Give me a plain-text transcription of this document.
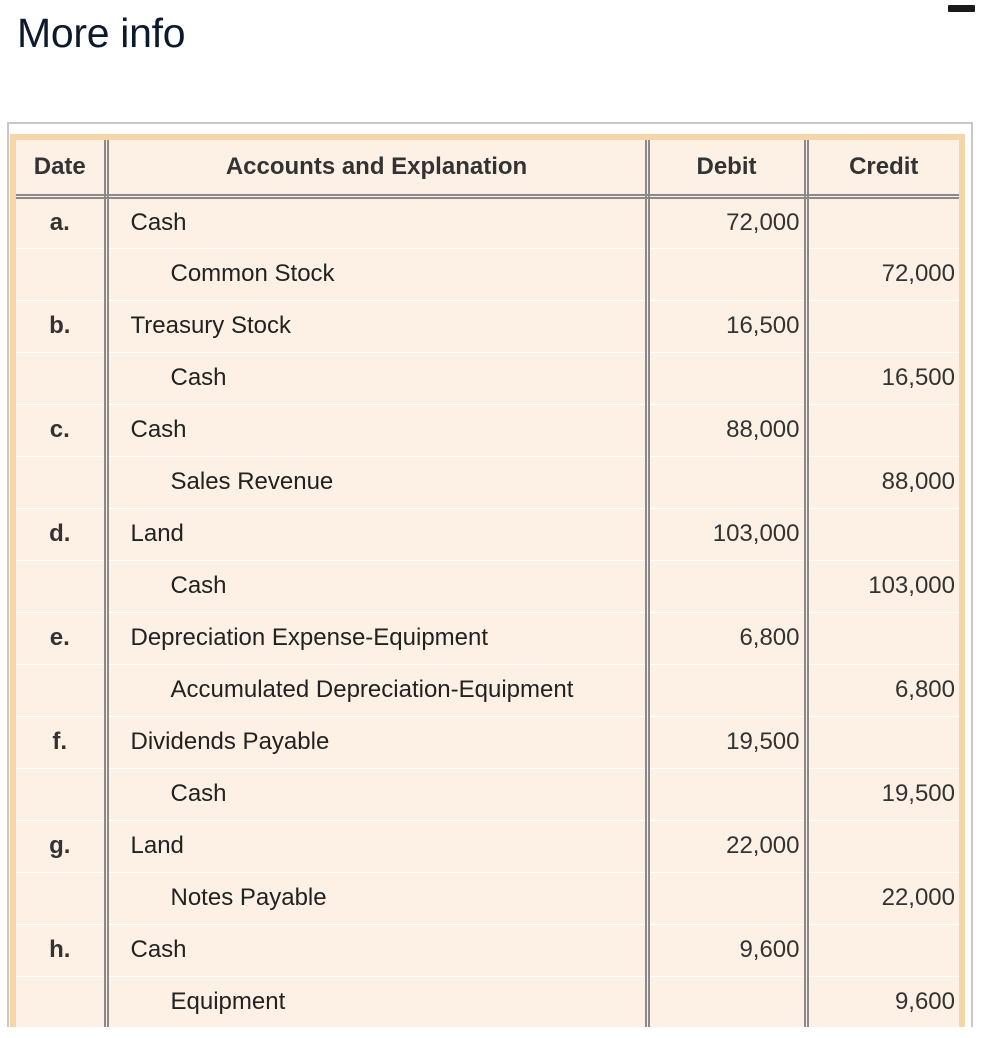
More info
Date	Accounts and Explanation	Debit	Credit
a.	Cash	72,000	
	Common Stock		72,000
b.	Treasury Stock	16,500	
	Cash		16,500
c.	Cash	88,000	
	Sales Revenue		88,000
d.	Land	103,000	
	Cash		103,000
e.	Depreciation Expense-Equipment	6,800	
	Accumulated Depreciation-Equipment		6,800
f.	Dividends Payable	19,500	
	Cash		19,500
g.	Land	22,000	
	Notes Payable		22,000
h.	Cash	9,600	
	Equipment		9,600
